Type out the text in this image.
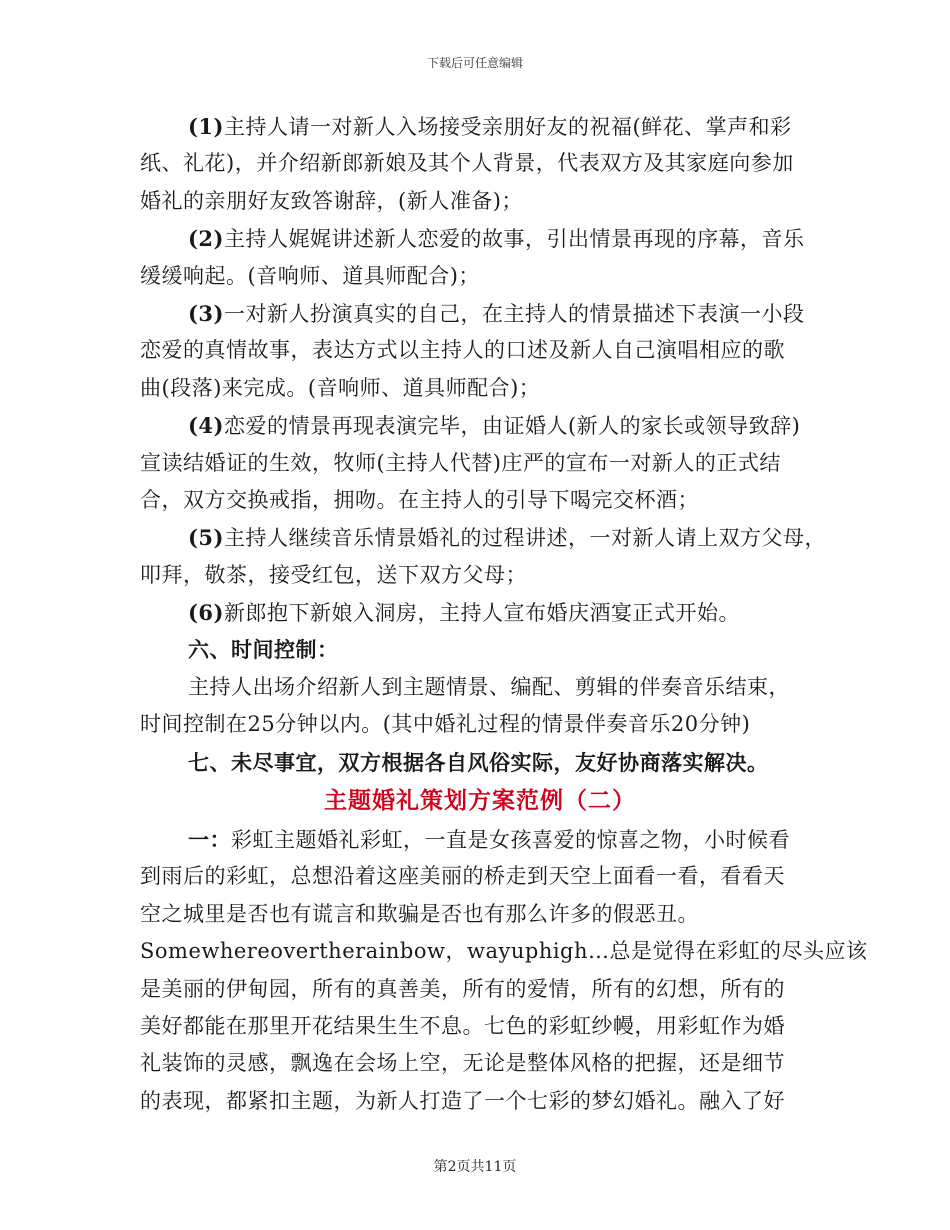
下载后可任意编辑
(1)主持人请一对新人入场接受亲朋好友的祝福(鲜花、掌声和彩
纸、礼花)，并介绍新郎新娘及其个人背景，代表双方及其家庭向参加
婚礼的亲朋好友致答谢辞，(新人准备)；
(2)主持人娓娓讲述新人恋爱的故事，引出情景再现的序幕，音乐
缓缓响起。(音响师、道具师配合)；
(3)一对新人扮演真实的自己，在主持人的情景描述下表演一小段
恋爱的真情故事，表达方式以主持人的口述及新人自己演唱相应的歌
曲(段落)来完成。(音响师、道具师配合)；
(4)恋爱的情景再现表演完毕，由证婚人(新人的家长或领导致辞)
宣读结婚证的生效，牧师(主持人代替)庄严的宣布一对新人的正式结
合，双方交换戒指，拥吻。在主持人的引导下喝完交杯酒；
(5)主持人继续音乐情景婚礼的过程讲述，一对新人请上双方父母，
叩拜，敬茶，接受红包，送下双方父母；
(6)新郎抱下新娘入洞房，主持人宣布婚庆酒宴正式开始。
六、时间控制：
主持人出场介绍新人到主题情景、编配、剪辑的伴奏音乐结束，
时间控制在25分钟以内。(其中婚礼过程的情景伴奏音乐20分钟)
七、未尽事宜，双方根据各自风俗实际，友好协商落实解决。
主题婚礼策划方案范例（二）
一：彩虹主题婚礼彩虹，一直是女孩喜爱的惊喜之物，小时候看
到雨后的彩虹，总想沿着这座美丽的桥走到天空上面看一看，看看天
空之城里是否也有谎言和欺骗是否也有那么许多的假恶丑。
Somewhereovertherainbow，wayuphigh…总是觉得在彩虹的尽头应该
是美丽的伊甸园，所有的真善美，所有的爱情，所有的幻想，所有的
美好都能在那里开花结果生生不息。七色的彩虹纱幔，用彩虹作为婚
礼装饰的灵感，飘逸在会场上空，无论是整体风格的把握，还是细节
的表现，都紧扣主题，为新人打造了一个七彩的梦幻婚礼。融入了好
第2页共11页
